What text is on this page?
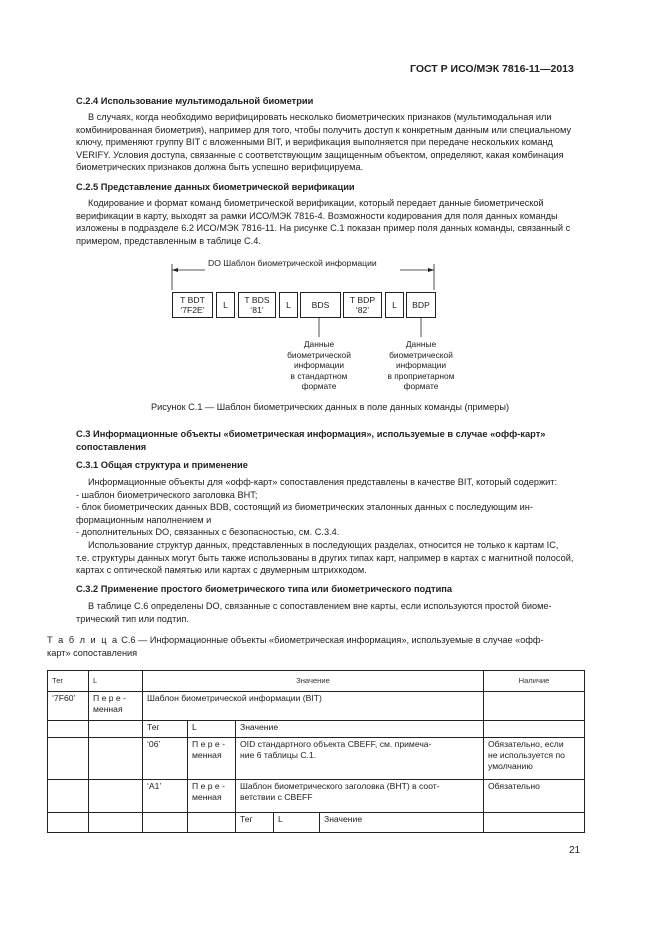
ГОСТ Р ИСО/МЭК 7816-11—2013
С.2.4 Использование мультимодальной биометрии
В случаях, когда необходимо верифицировать несколько биометрических признаков (мультимодальная или
комбинированная биометрия), например для того, чтобы получить доступ к конкретным данным или специальному
ключу, применяют группу BIT с вложенными BIT, и верификация выполняется при передаче нескольких команд
VERIFY. Условия доступа, связанные с соответствующим защищенным объектом, определяют, какая комбинация
биометрических признаков должна быть успешно верифицируема.
С.2.5 Представление данных биометрической верификации
Кодирование и формат команд биометрической верификации, который передает данные биометрической
верификации в карту, выходят за рамки ИСО/МЭК 7816-4. Возможности кодирования для поля данных команды
изложены в подразделе 6.2 ИСО/МЭК 7816-11. На рисунке С.1 показан пример поля данных команды, связанный с
примером, представленным в таблице С.4.
DO Шаблон биометрической информации
T BDT
‘7F2E’ L T BDS
‘81’	L BDS T BDP
‘82’	L BDP
Данные
биометрической
информации
в стандартном
формате
Данные
биометрической
информации
в проприетарном
формате
Рисунок С.1 — Шаблон биометрических данных в поле данных команды (примеры)
С.3 Информационные объекты «биометрическая информация», используемые в случае «офф-карт»
сопоставления
С.3.1 Общая структура и применение
Информационные объекты для «офф-карт» сопоставления представлены в качестве BIT, который содержит:
- шаблон биометрического заголовка BHT;
- блок биометрических данных BDB, состоящий из биометрических эталонных данных с последующим ин-
формационным наполнением и
- дополнительных DO, связанных с безопасностью, см. С.3.4.
Использование структур данных, представленных в последующих разделах, относится не только к картам IC,
т.е. структуры данных могут быть также использованы в других типах карт, например в картах с магнитной полосой,
картах с оптической памятью или картах с двумерным штрихкодом.
С.3.2 Применение простого биометрического типа или биометрического подтипа
В таблице С.6 определены DO, связанные с сопоставлением вне карты, если используются простой биоме-
трический тип или подтип.
Т а б л и ц а С.6 — Информационные объекты «биометрическая информация», используемые в случае «офф-
карт» сопоставления
Тег	L	Значение					Наличие
‘7F60’	П е р е -
менная	Шаблон биометрической информации (BIT)					
		Тег	L	Значение			
		‘06’	П е р е -
менная	OID стандартного объекта CBEFF, см. примеча-
ние 6 таблицы С.1.			Обязательно, если
не используется по
умолчанию
		‘A1’	П е р е -
менная	Шаблон биометрического заголовка (BHT) в соот-
ветствии с CBEFF			Обязательно
				Тег	L	Значение	
21
